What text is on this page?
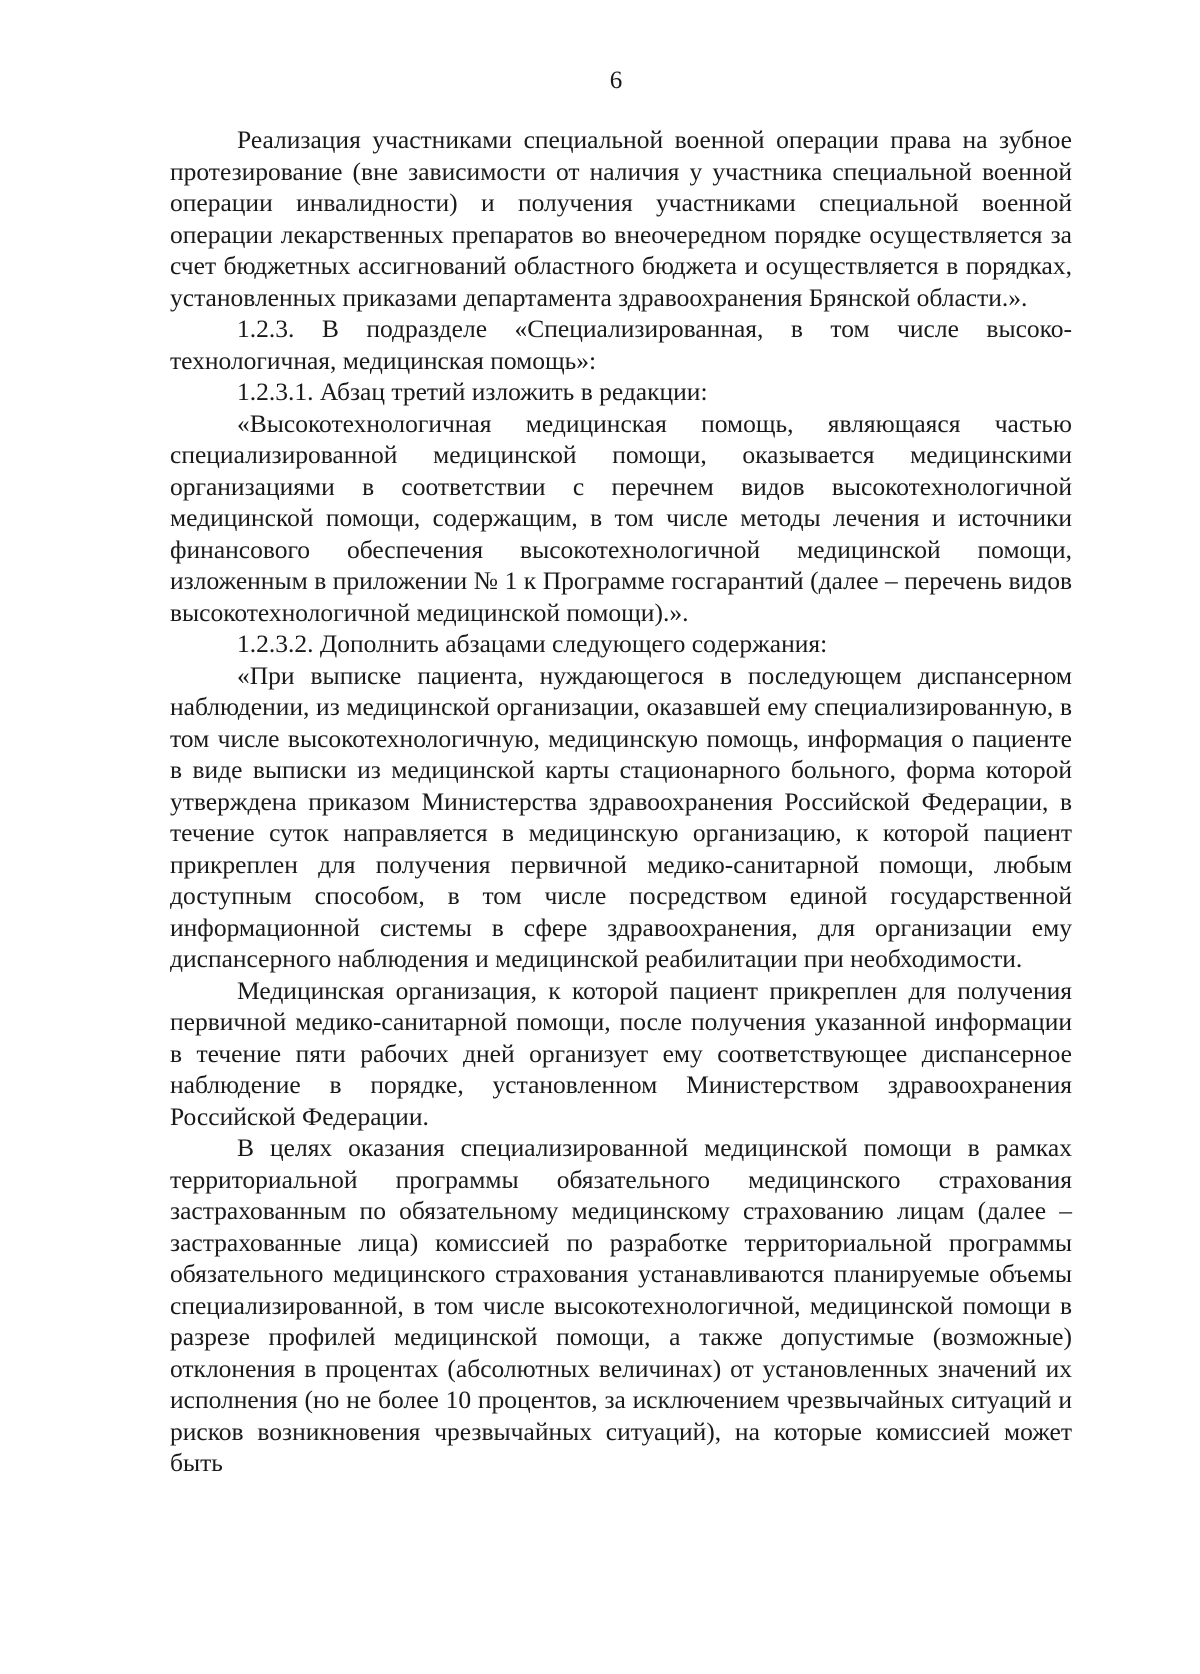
6

Реализация участниками специальной военной операции права на зубное протезирование (вне зависимости от наличия у участника специальной военной операции инвалидности) и получения участниками специальной военной операции лекарственных препаратов во внеочередном порядке осуществляется за счет бюджетных ассигнований областного бюджета и осуществляется в порядках, установленных приказами департамента здравоохранения Брянской области.».

1.2.3. В подразделе «Специализированная, в том числе высокотехнологичная, медицинская помощь»:

1.2.3.1. Абзац третий изложить в редакции:

«Высокотехнологичная медицинская помощь, являющаяся частью специализированной медицинской помощи, оказывается медицинскими организациями в соответствии с перечнем видов высокотехнологичной медицинской помощи, содержащим, в том числе методы лечения и источники финансового обеспечения высокотехнологичной медицинской помощи, изложенным в приложении № 1 к Программе госгарантий (далее – перечень видов высокотехнологичной медицинской помощи).».

1.2.3.2. Дополнить абзацами следующего содержания:

«При выписке пациента, нуждающегося в последующем диспансерном наблюдении, из медицинской организации, оказавшей ему специализированную, в том числе высокотехнологичную, медицинскую помощь, информация о пациенте в виде выписки из медицинской карты стационарного больного, форма которой утверждена приказом Министерства здравоохранения Российской Федерации, в течение суток направляется в медицинскую организацию, к которой пациент прикреплен для получения первичной медико-санитарной помощи, любым доступным способом, в том числе посредством единой государственной информационной системы в сфере здравоохранения, для организации ему диспансерного наблюдения и медицинской реабилитации при необходимости.

Медицинская организация, к которой пациент прикреплен для получения первичной медико-санитарной помощи, после получения указанной информации в течение пяти рабочих дней организует ему соответствующее диспансерное наблюдение в порядке, установленном Министерством здравоохранения Российской Федерации.

В целях оказания специализированной медицинской помощи в рамках территориальной программы обязательного медицинского страхования застрахованным по обязательному медицинскому страхованию лицам (далее – застрахованные лица) комиссией по разработке территориальной программы обязательного медицинского страхования устанавливаются планируемые объемы специализированной, в том числе высокотехнологичной, медицинской помощи в разрезе профилей медицинской помощи, а также допустимые (возможные) отклонения в процентах (абсолютных величинах) от установленных значений их исполнения (но не более 10 процентов, за исключением чрезвычайных ситуаций и рисков возникновения чрезвычайных ситуаций), на которые комиссией может быть
